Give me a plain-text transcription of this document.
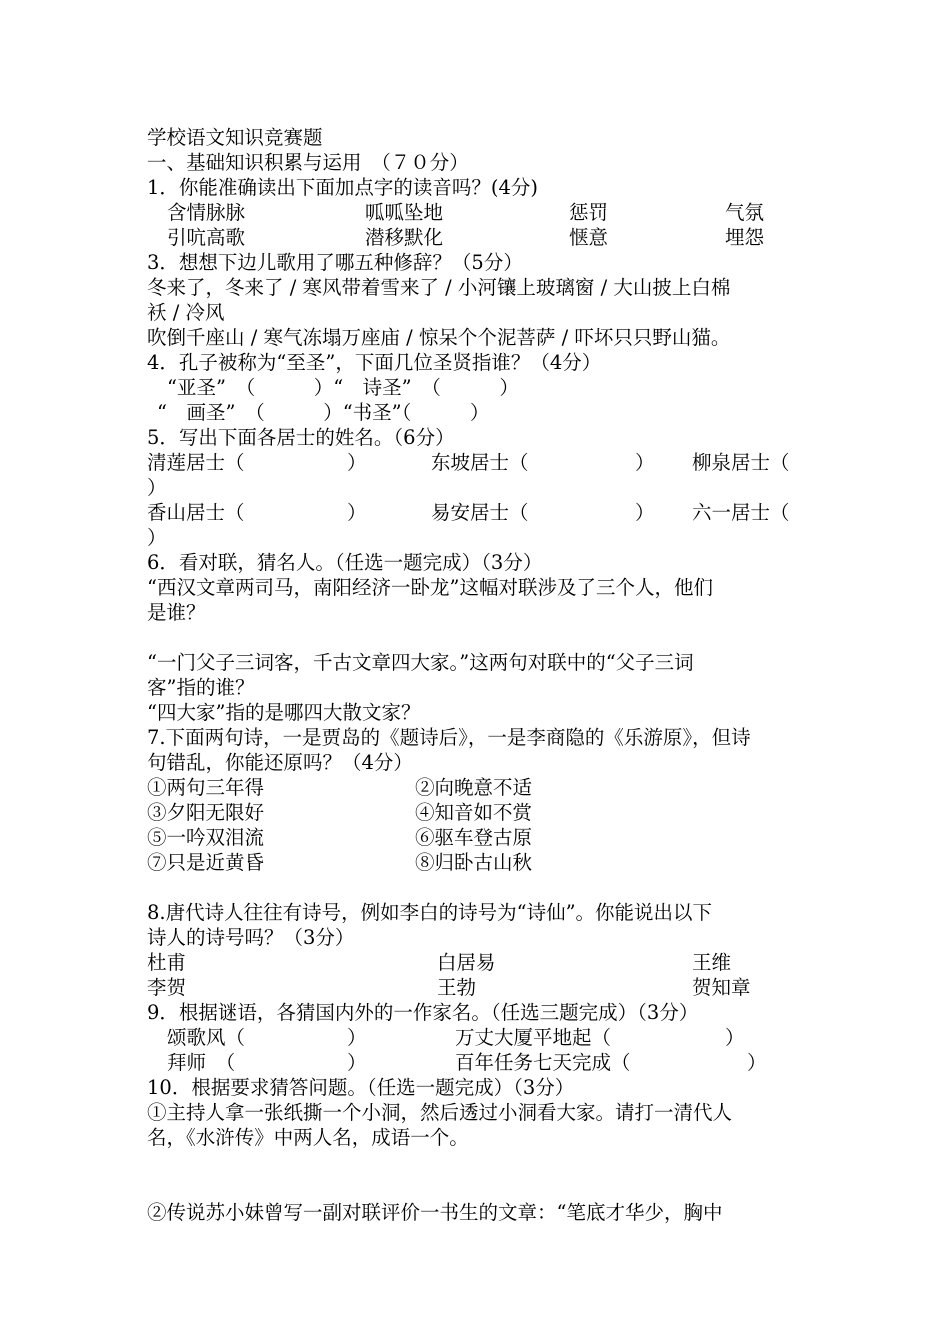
学校语文知识竞赛题
一、基础知识积累与运用　（７０分）
1．你能准确读出下面加点字的读音吗？(4分)
含情脉脉	呱呱坠地	惩罚	气氛
引吭高歌	潜移默化	惬意	埋怨
3．想想下边儿歌用了哪五种修辞？（5分）
冬来了，冬来了 / 寒风带着雪来了 / 小河镶上玻璃窗 / 大山披上白棉
袄 / 冷风
吹倒千座山 / 寒气冻塌万座庙 / 惊呆个个泥菩萨 / 吓坏只只野山猫。
4．孔子被称为“至圣”，下面几位圣贤指谁？（4分）
“亚圣”　（　　　）“　诗圣”　（　　　）
“　画圣”　（　　　）“书圣”（　　　）
5．写出下面各居士的姓名。（6分）
清莲居士（	）	东坡居士（	） 柳泉居士（
）
香山居士（	）	易安居士（	） 六一居士（
）
6．看对联，猜名人。（任选一题完成）（3分）
“西汉文章两司马，南阳经济一卧龙”这幅对联涉及了三个人，他们
是谁？
“一门父子三词客，千古文章四大家。”这两句对联中的“父子三词
客”指的谁？
“四大家”指的是哪四大散文家？
7.下面两句诗，一是贾岛的《题诗后》，一是李商隐的《乐游原》，但诗
句错乱，你能还原吗？（4分）
①两句三年得	②向晚意不适
③夕阳无限好	④知音如不赏
⑤一吟双泪流	⑥驱车登古原
⑦只是近黄昏	⑧归卧古山秋
8.唐代诗人往往有诗号，例如李白的诗号为“诗仙”。你能说出以下
诗人的诗号吗？（3分）
杜甫	白居易	王维
李贺	王勃	贺知章
9．根据谜语，各猜国内外的一作家名。（任选三题完成）（3分）
颂歌风（	）	万丈大厦平地起（	）
拜师　（	）	百年任务七天完成（	）
10．根据要求猜答问题。（任选一题完成）（3分）
①主持人拿一张纸撕一个小洞，然后透过小洞看大家。请打一清代人
名，《水浒传》中两人名，成语一个。
②传说苏小妹曾写一副对联评价一书生的文章：“笔底才华少，胸中
